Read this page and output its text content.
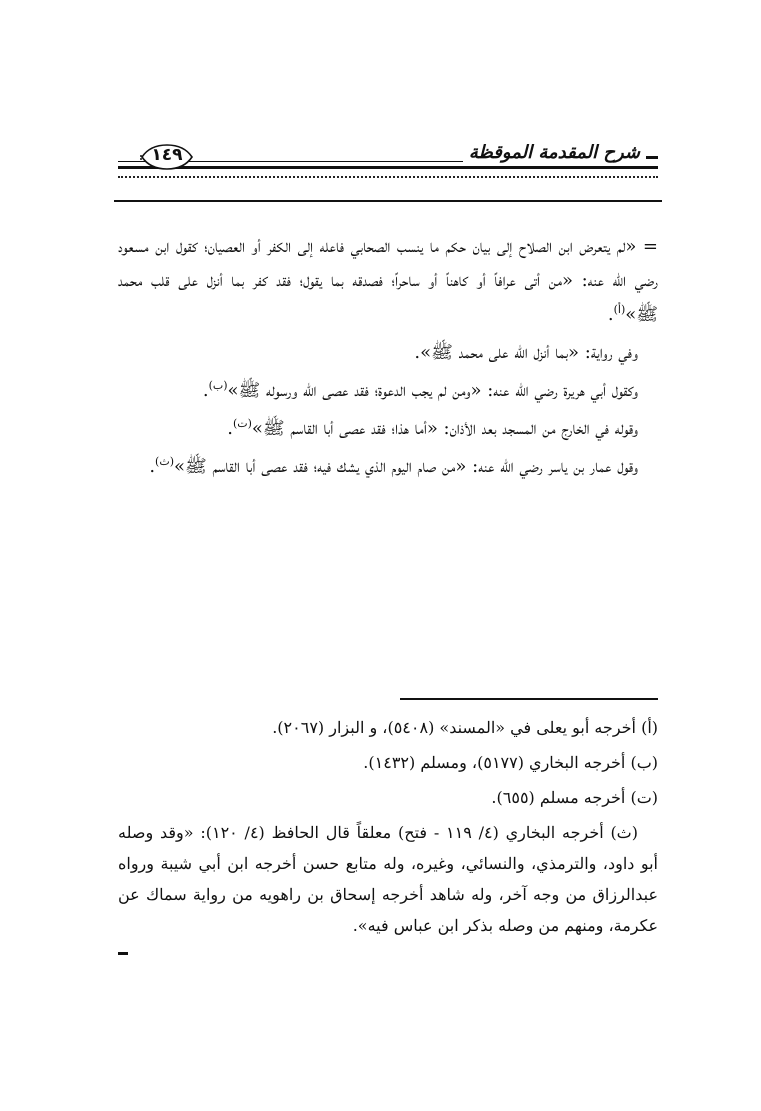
١٤٩	شرح المقدمة الموقظة

= «لم يتعرض ابن الصلاح إلى بيان حكم ما ينسب الصحابي فاعله إلى الكفر أو العصيان؛ كقول ابن مسعود رضي الله عنه: «من أتى عرافاً أو كاهناً أو ساحراً؛ فصدقه بما يقول؛ فقد كفر بما أنزل على قلب محمد ﷺ»$^{(أ)}$.

وفي رواية: «بما أنزل الله على محمد ﷺ».

وكقول أبي هريرة رضي الله عنه: «ومن لم يجب الدعوة؛ فقد عصى الله ورسوله ﷺ»$^{(ب)}$.

وقوله في الخارج من المسجد بعد الأذان: «أما هذا؛ فقد عصى أبا القاسم ﷺ»$^{(ت)}$.

وقول عمار بن ياسر رضي الله عنه: «من صام اليوم الذي يشك فيه؛ فقد عصى أبا القاسم ﷺ»$^{(ث)}$.

(أ) أخرجه أبو يعلى في «المسند» (٥٤٠٨)، و البزار (٢٠٦٧).

(ب) أخرجه البخاري (٥١٧٧)، ومسلم (١٤٣٢).

(ت) أخرجه مسلم (٦٥٥).

(ث) أخرجه البخاري (٤/ ١١٩ - فتح) معلقاً قال الحافظ (٤/ ١٢٠): «وقد وصله أبو داود، والترمذي، والنسائي، وغيره، وله متابع حسن أخرجه ابن أبي شيبة ورواه عبدالرزاق من وجه آخر، وله شاهد أخرجه إسحاق بن راهويه من رواية سماك عن عكرمة، ومنهم من وصله بذكر ابن عباس فيه».
